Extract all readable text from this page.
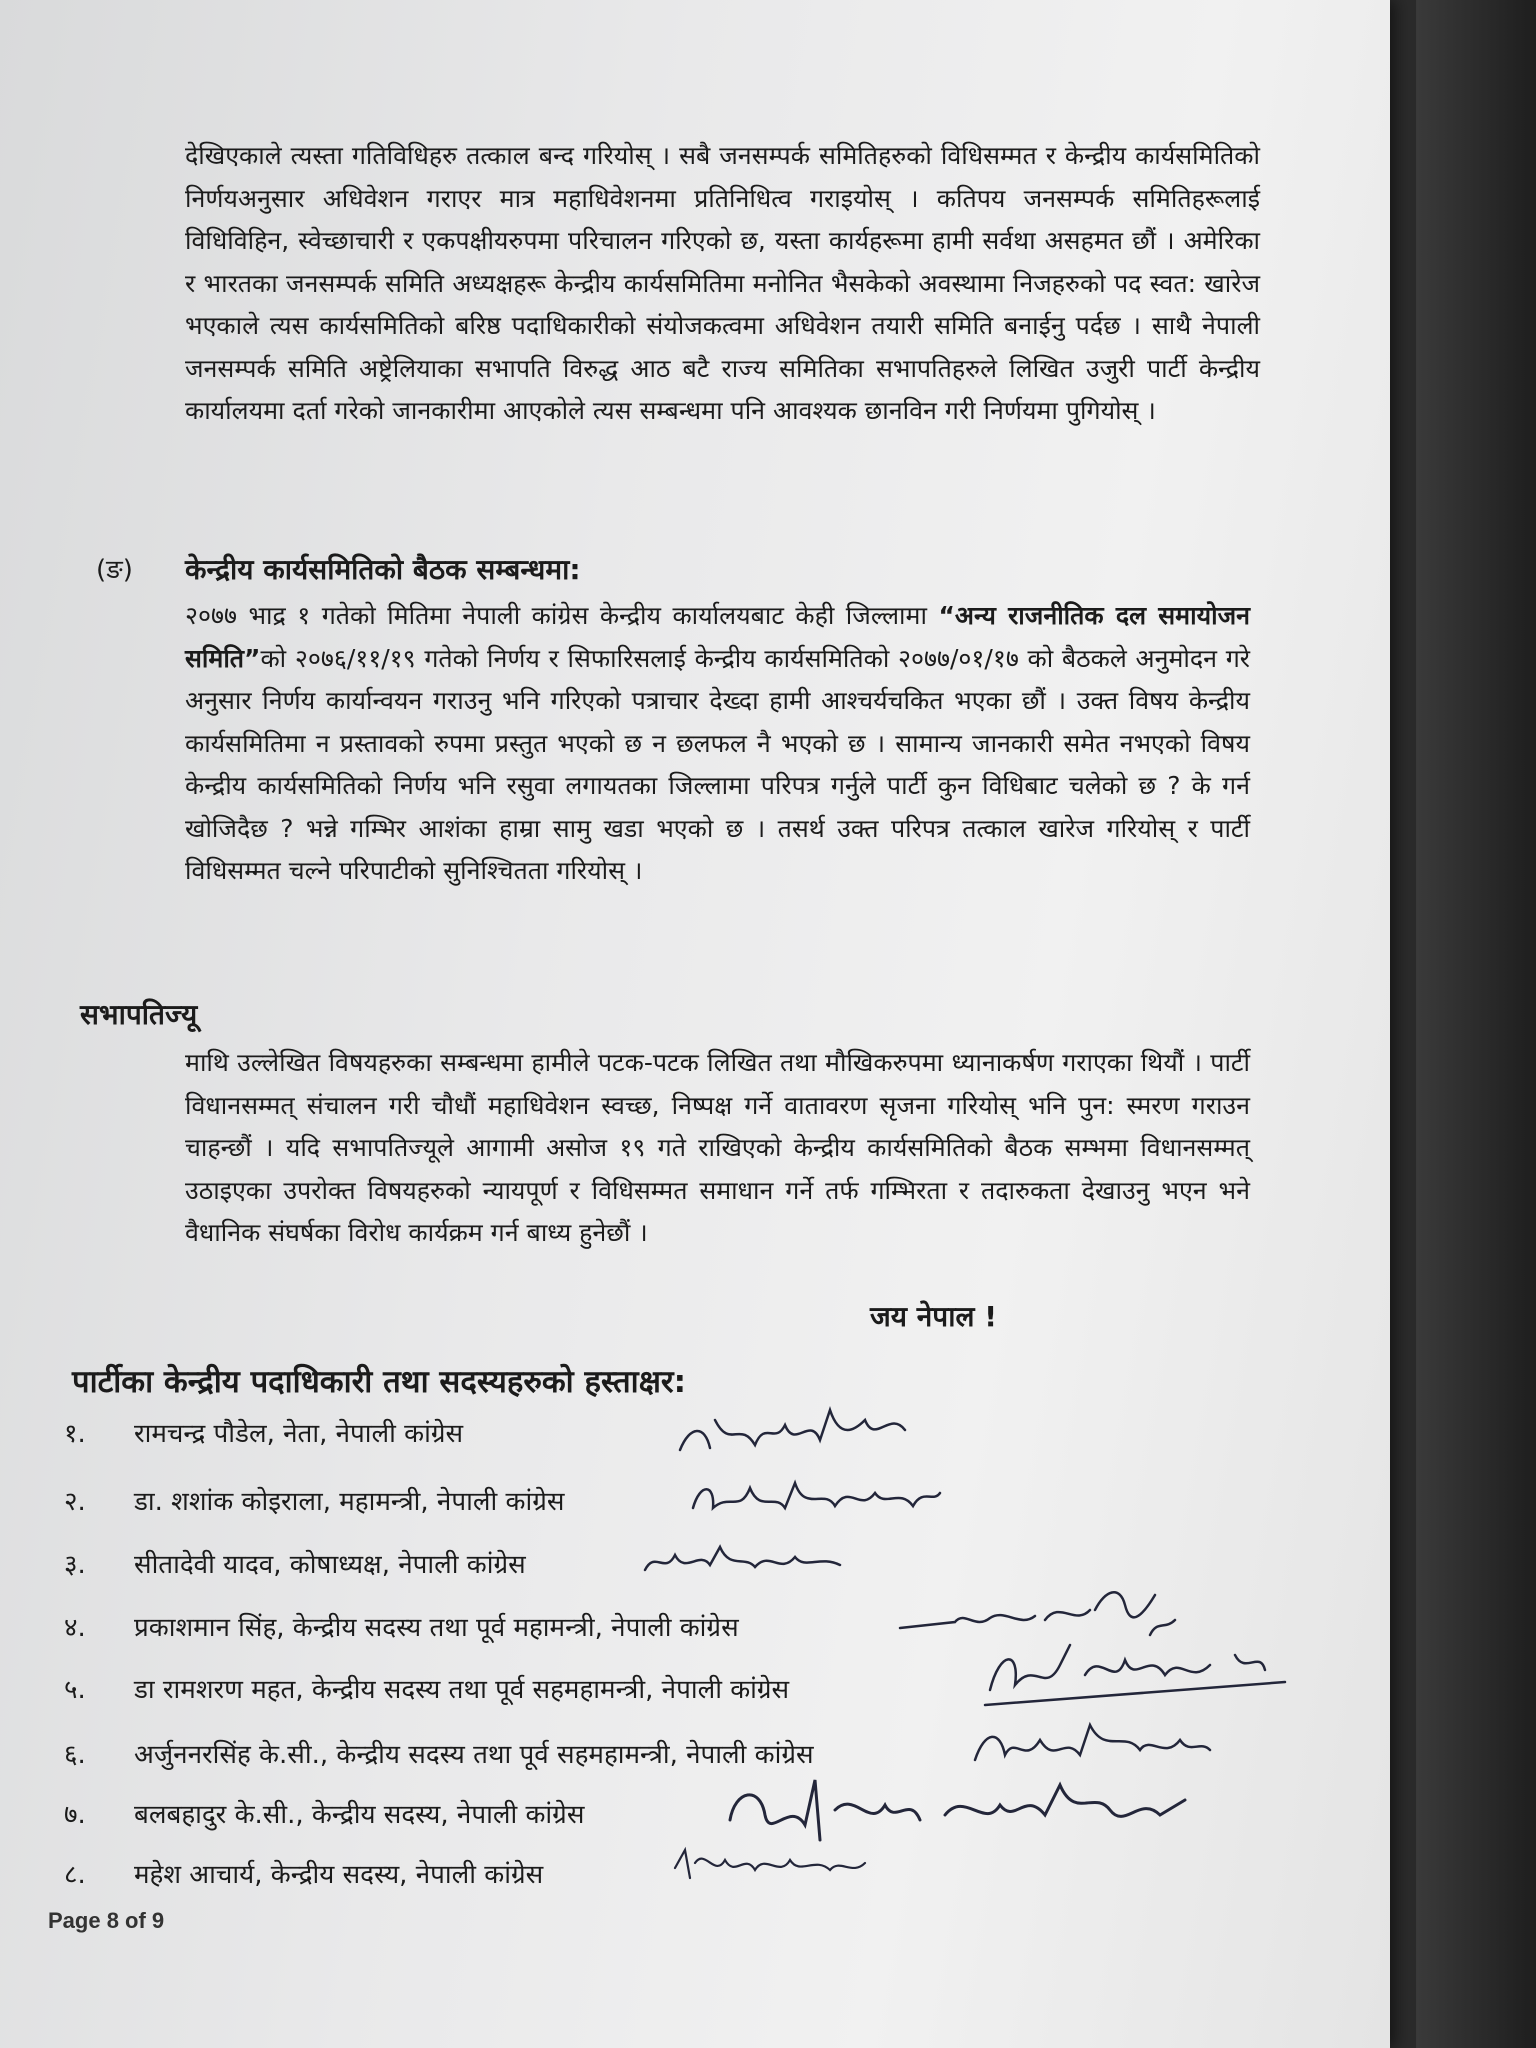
देखिएकाले त्यस्ता गतिविधिहरु तत्काल बन्द गरियोस् । सबै जनसम्पर्क समितिहरुको विधिसम्मत र केन्द्रीय कार्यसमितिको निर्णयअनुसार अधिवेशन गराएर मात्र महाधिवेशनमा प्रतिनिधित्व गराइयोस् । कतिपय जनसम्पर्क समितिहरूलाई विधिविहिन, स्वेच्छाचारी र एकपक्षीयरुपमा परिचालन गरिएको छ, यस्ता कार्यहरूमा हामी सर्वथा असहमत छौं । अमेरिका र भारतका जनसम्पर्क समिति अध्यक्षहरू केन्द्रीय कार्यसमितिमा मनोनित भैसकेको अवस्थामा निजहरुको पद स्वत: खारेज भएकाले त्यस कार्यसमितिको बरिष्ठ पदाधिकारीको संयोजकत्वमा अधिवेशन तयारी समिति बनाईनु पर्दछ । साथै नेपाली जनसम्पर्क समिति अष्ट्रेलियाका सभापति विरुद्ध आठ बटै राज्य समितिका सभापतिहरुले लिखित उजुरी पार्टी केन्द्रीय कार्यालयमा दर्ता गरेको जानकारीमा आएकोले त्यस सम्बन्धमा पनि आवश्यक छानविन गरी निर्णयमा पुगियोस् ।
(ङ) केन्द्रीय कार्यसमितिको बैठक सम्बन्धमा:
२०७७ भाद्र १ गतेको मितिमा नेपाली कांग्रेस केन्द्रीय कार्यालयबाट केही जिल्लामा “अन्य राजनीतिक दल समायोजन समिति”को २०७६/११/१९ गतेको निर्णय र सिफारिसलाई केन्द्रीय कार्यसमितिको २०७७/०१/१७ को बैठकले अनुमोदन गरे अनुसार निर्णय कार्यान्वयन गराउनु भनि गरिएको पत्राचार देख्दा हामी आश्चर्यचकित भएका छौं । उक्त विषय केन्द्रीय कार्यसमितिमा न प्रस्तावको रुपमा प्रस्तुत भएको छ न छलफल नै भएको छ । सामान्य जानकारी समेत नभएको विषय केन्द्रीय कार्यसमितिको निर्णय भनि रसुवा लगायतका जिल्लामा परिपत्र गर्नुले पार्टी कुन विधिबाट चलेको छ ? के गर्न खोजिदैछ ? भन्ने गम्भिर आशंका हाम्रा सामु खडा भएको छ । तसर्थ उक्त परिपत्र तत्काल खारेज गरियोस् र पार्टी विधिसम्मत चल्ने परिपाटीको सुनिश्चितता गरियोस् ।
सभापतिज्यू
माथि उल्लेखित विषयहरुका सम्बन्धमा हामीले पटक-पटक लिखित तथा मौखिकरुपमा ध्यानाकर्षण गराएका थियौं । पार्टी विधानसम्मत् संचालन गरी चौधौं महाधिवेशन स्वच्छ, निष्पक्ष गर्ने वातावरण सृजना गरियोस् भनि पुन: स्मरण गराउन चाहन्छौं । यदि सभापतिज्यूले आगामी असोज १९ गते राखिएको केन्द्रीय कार्यसमितिको बैठक सम्भमा विधानसम्मत् उठाइएका उपरोक्त विषयहरुको न्यायपूर्ण र विधिसम्मत समाधान गर्ने तर्फ गम्भिरता र तदारुकता देखाउनु भएन भने वैधानिक संघर्षका विरोध कार्यक्रम गर्न बाध्य हुनेछौं ।
जय नेपाल !
पार्टीका केन्द्रीय पदाधिकारी तथा सदस्यहरुको हस्ताक्षर:
१.	रामचन्द्र पौडेल, नेता, नेपाली कांग्रेस
२.	डा. शशांक कोइराला, महामन्त्री, नेपाली कांग्रेस
३.	सीतादेवी यादव, कोषाध्यक्ष, नेपाली कांग्रेस
४.	प्रकाशमान सिंह, केन्द्रीय सदस्य तथा पूर्व महामन्त्री, नेपाली कांग्रेस
५.	डा रामशरण महत, केन्द्रीय सदस्य तथा पूर्व सहमहामन्त्री, नेपाली कांग्रेस
६.	अर्जुननरसिंह के.सी., केन्द्रीय सदस्य तथा पूर्व सहमहामन्त्री, नेपाली कांग्रेस
७.	बलबहादुर के.सी., केन्द्रीय सदस्य, नेपाली कांग्रेस
८.	महेश आचार्य, केन्द्रीय सदस्य, नेपाली कांग्रेस
Page 8 of 9
